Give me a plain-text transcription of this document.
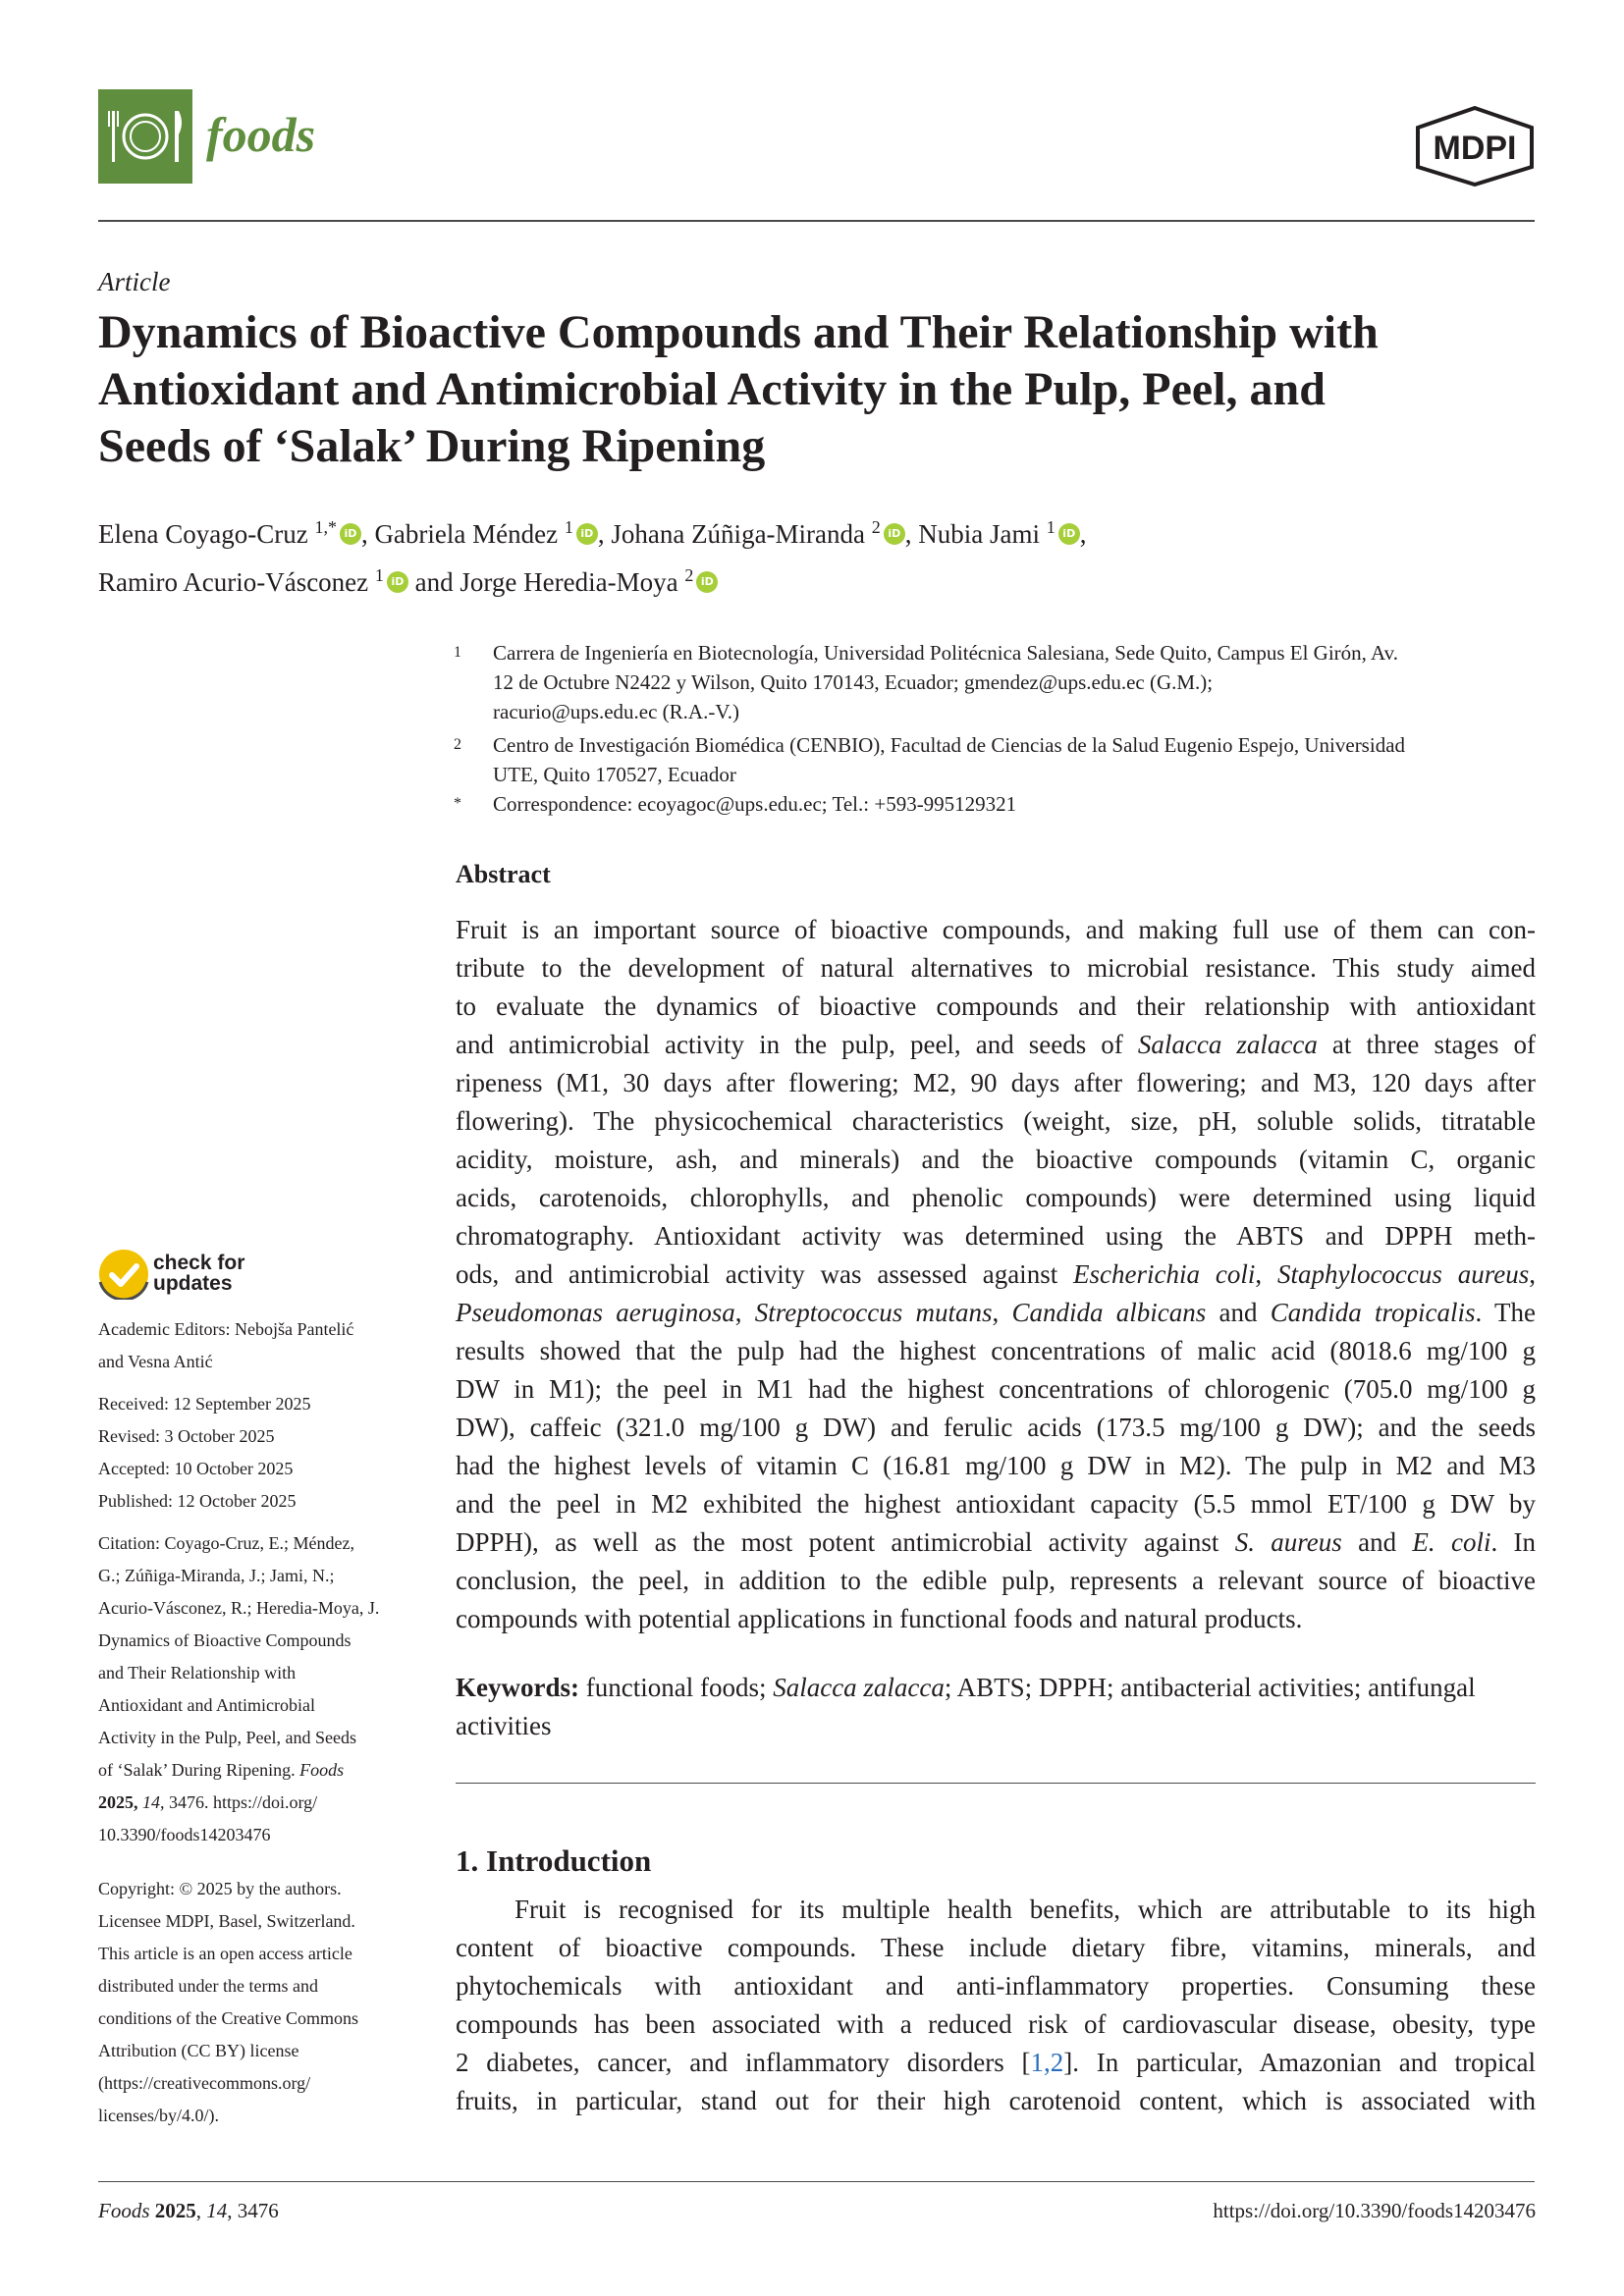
foods	MDPI
Article
Dynamics of Bioactive Compounds and Their Relationship with
Antioxidant and Antimicrobial Activity in the Pulp, Peel, and
Seeds of ‘Salak’ During Ripening
Elena Coyago-Cruz $^{1,*}$ iD , Gabriela Méndez $^1$ iD , Johana Zúñiga-Miranda $^2$ iD , Nubia Jami $^1$ iD ,
Ramiro Acurio-Vásconez $^1$ iD and Jorge Heredia-Moya $^2$ iD
1 Carrera de Ingeniería en Biotecnología, Universidad Politécnica Salesiana, Sede Quito, Campus El Girón, Av.
12 de Octubre N2422 y Wilson, Quito 170143, Ecuador; gmendez@ups.edu.ec (G.M.);
racurio@ups.edu.ec (R.A.-V.)
2 Centro de Investigación Biomédica (CENBIO), Facultad de Ciencias de la Salud Eugenio Espejo, Universidad
UTE, Quito 170527, Ecuador
* Correspondence: ecoyagoc@ups.edu.ec; Tel.: +593-995129321
Abstract
Fruit is an important source of bioactive compounds, and making full use of them can con-
tribute to the development of natural alternatives to microbial resistance. This study aimed
to evaluate the dynamics of bioactive compounds and their relationship with antioxidant
and antimicrobial activity in the pulp, peel, and seeds of Salacca zalacca at three stages of
ripeness (M1, 30 days after flowering; M2, 90 days after flowering; and M3, 120 days after
flowering). The physicochemical characteristics (weight, size, pH, soluble solids, titratable
acidity, moisture, ash, and minerals) and the bioactive compounds (vitamin C, organic
acids, carotenoids, chlorophylls, and phenolic compounds) were determined using liquid
chromatography. Antioxidant activity was determined using the ABTS and DPPH meth-
ods, and antimicrobial activity was assessed against Escherichia coli, Staphylococcus aureus,
Pseudomonas aeruginosa, Streptococcus mutans, Candida albicans and Candida tropicalis. The
results showed that the pulp had the highest concentrations of malic acid (8018.6 mg/100 g
DW in M1); the peel in M1 had the highest concentrations of chlorogenic (705.0 mg/100 g
DW), caffeic (321.0 mg/100 g DW) and ferulic acids (173.5 mg/100 g DW); and the seeds
had the highest levels of vitamin C (16.81 mg/100 g DW in M2). The pulp in M2 and M3
and the peel in M2 exhibited the highest antioxidant capacity (5.5 mmol ET/100 g DW by
DPPH), as well as the most potent antimicrobial activity against S. aureus and E. coli. In
conclusion, the peel, in addition to the edible pulp, represents a relevant source of bioactive
compounds with potential applications in functional foods and natural products.
Keywords: functional foods; Salacca zalacca; ABTS; DPPH; antibacterial activities; antifungal
activities
1. Introduction
Fruit is recognised for its multiple health benefits, which are attributable to its high
content of bioactive compounds. These include dietary fibre, vitamins, minerals, and
phytochemicals with antioxidant and anti-inflammatory properties. Consuming these
compounds has been associated with a reduced risk of cardiovascular disease, obesity, type
2 diabetes, cancer, and inflammatory disorders [1,2]. In particular, Amazonian and tropical
fruits, in particular, stand out for their high carotenoid content, which is associated with
check for
updates
Academic Editors: Nebojša Pantelić
and Vesna Antić
Received: 12 September 2025
Revised: 3 October 2025
Accepted: 10 October 2025
Published: 12 October 2025
Citation: Coyago-Cruz, E.; Méndez,
G.; Zúñiga-Miranda, J.; Jami, N.;
Acurio-Vásconez, R.; Heredia-Moya, J.
Dynamics of Bioactive Compounds
and Their Relationship with
Antioxidant and Antimicrobial
Activity in the Pulp, Peel, and Seeds
of ‘Salak’ During Ripening. Foods
2025, 14, 3476. https://doi.org/
10.3390/foods14203476
Copyright: © 2025 by the authors.
Licensee MDPI, Basel, Switzerland.
This article is an open access article
distributed under the terms and
conditions of the Creative Commons
Attribution (CC BY) license
(https://creativecommons.org/
licenses/by/4.0/).
Foods 2025, 14, 3476	https://doi.org/10.3390/foods14203476
